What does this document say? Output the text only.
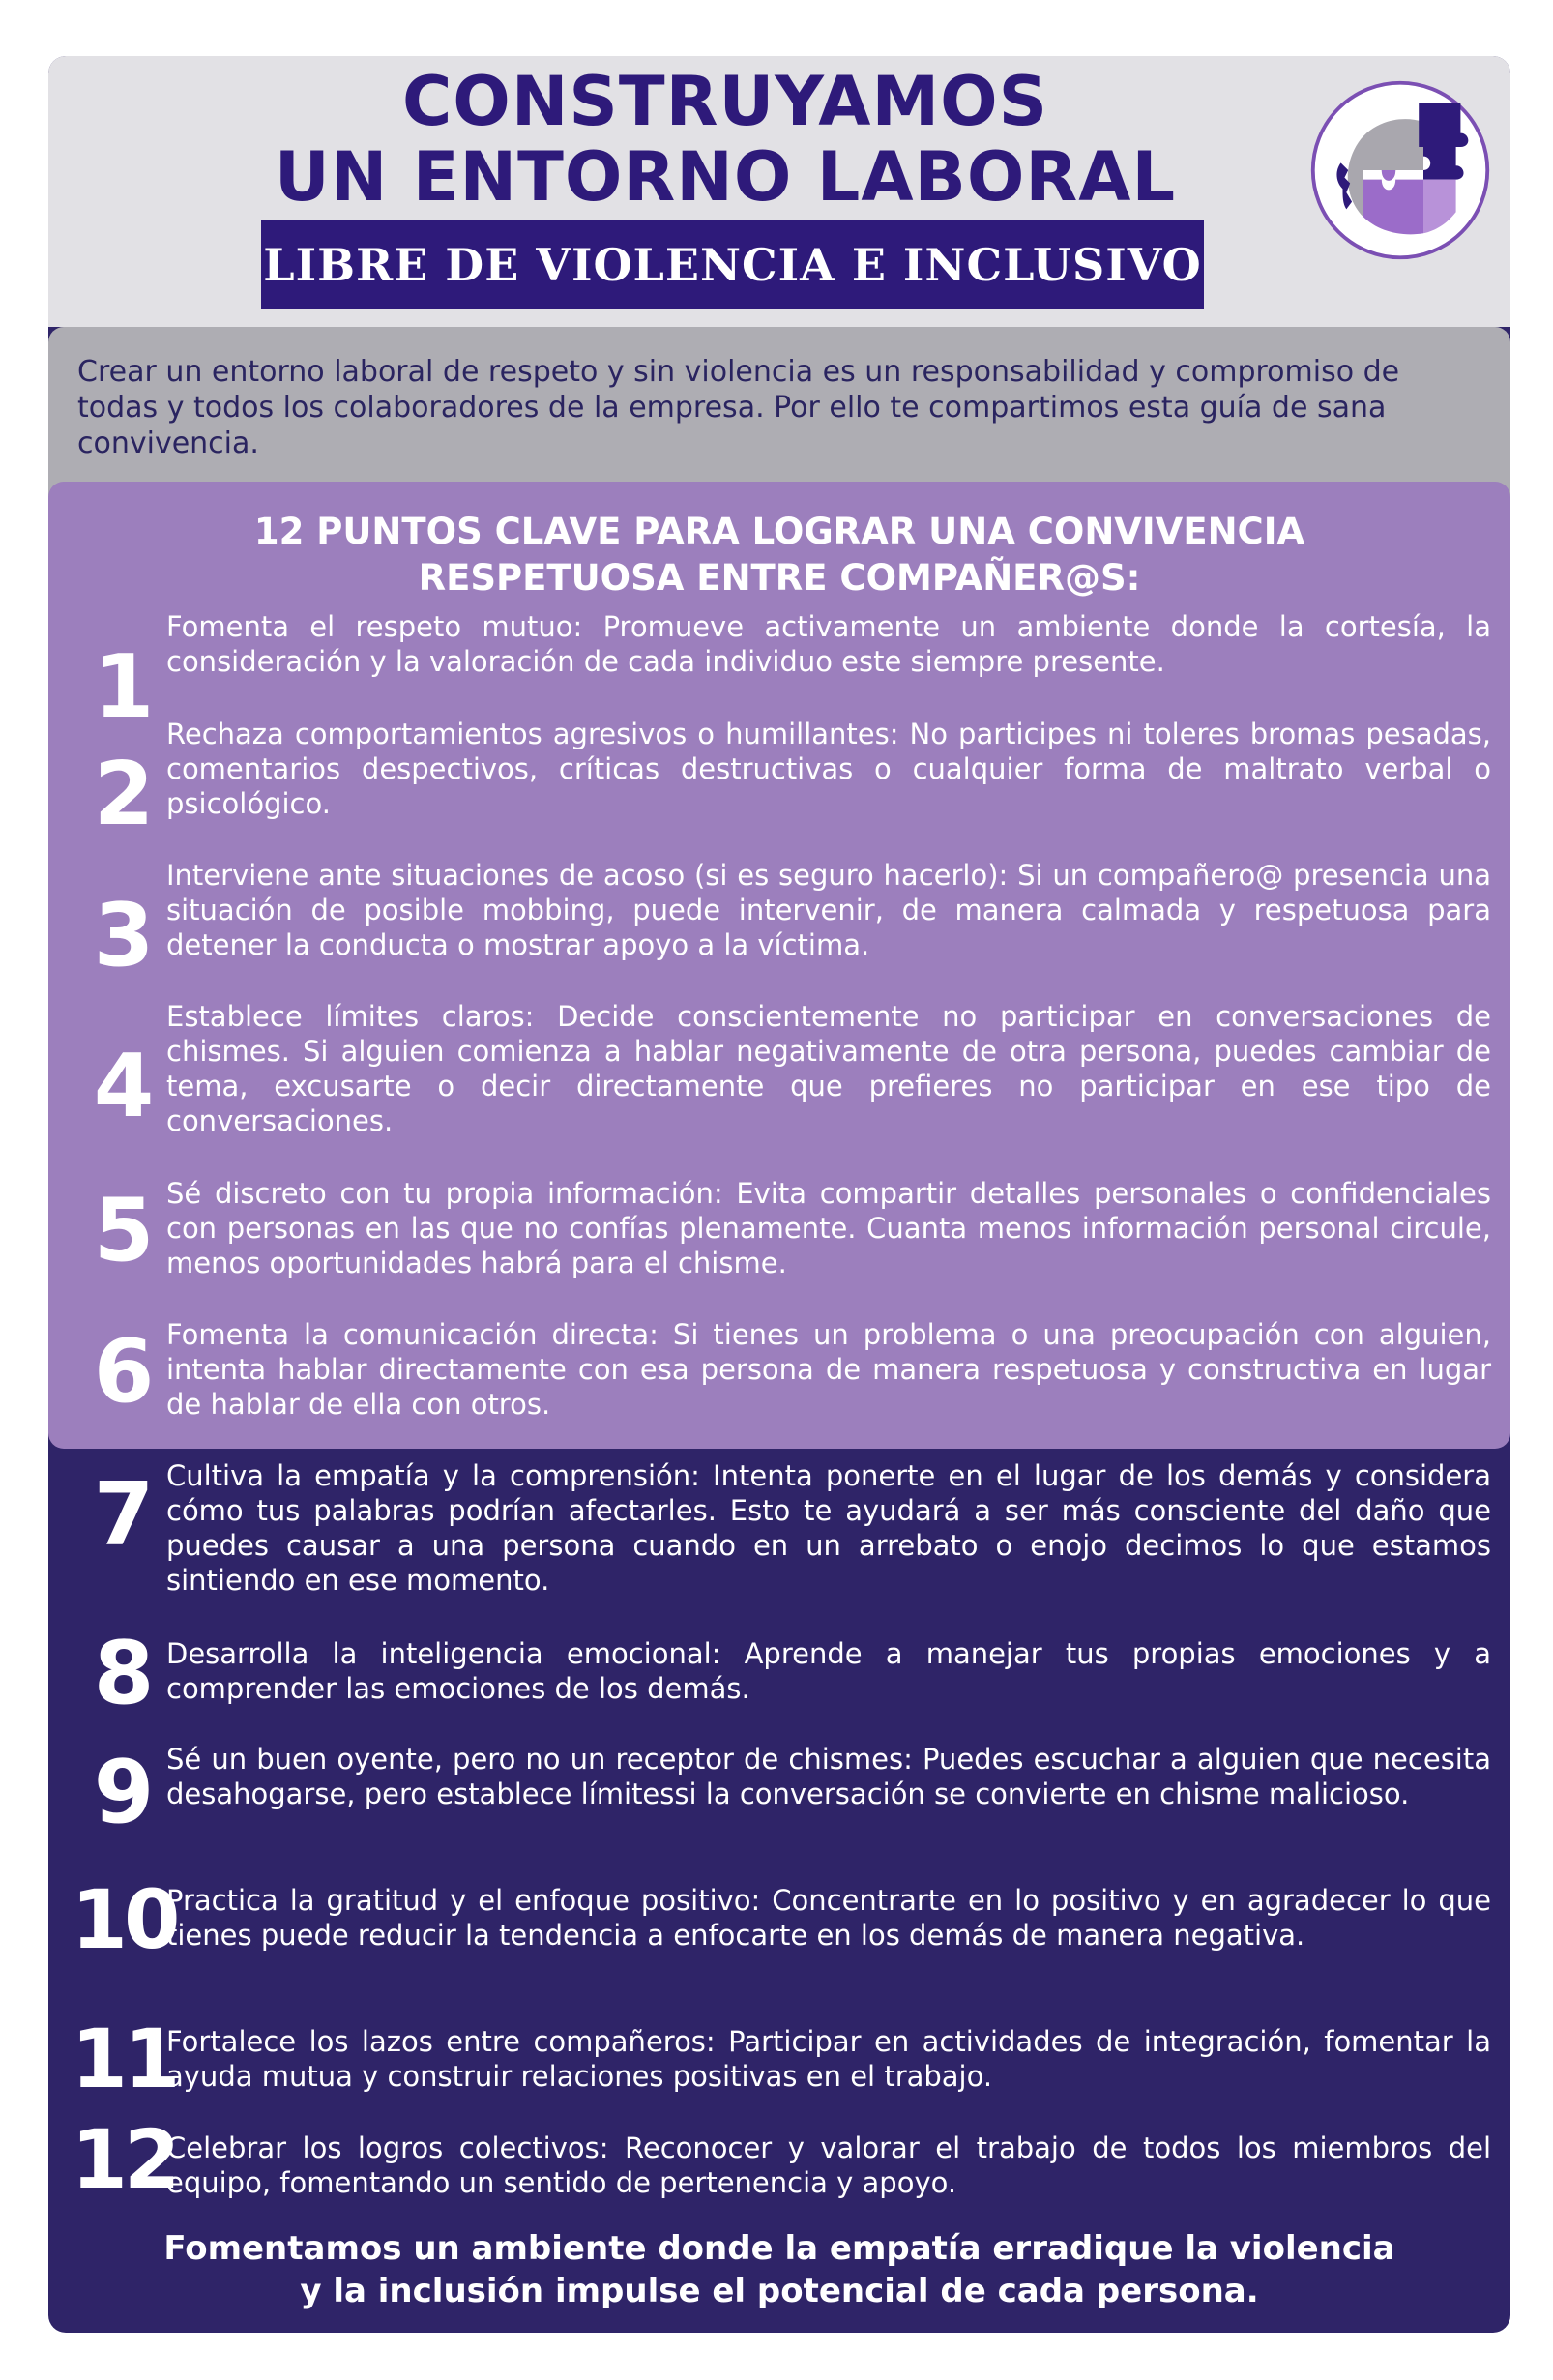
CONSTRUYAMOS
UN ENTORNO LABORAL
LIBRE DE VIOLENCIA E INCLUSIVO

Crear un entorno laboral de respeto y sin violencia es un responsabilidad y compromiso de todas y todos los colaboradores de la empresa. Por ello te compartimos esta guía de sana convivencia.

12 PUNTOS CLAVE PARA LOGRAR UNA CONVIVENCIA
RESPETUOSA ENTRE COMPAÑER@S:
1

Fomenta el respeto mutuo: Promueve activamente un ambiente donde la cortesía, la consideración y la valoración de cada individuo este siempre presente.

2

Rechaza comportamientos agresivos o humillantes: No participes ni toleres bromas pesadas, comentarios despectivos, críticas destructivas o cualquier forma de maltrato verbal o psicológico.

3

Interviene ante situaciones de acoso (si es seguro hacerlo): Si un compañero@ presencia una situación de posible mobbing, puede intervenir, de manera calmada y respetuosa para detener la conducta o mostrar apoyo a la víctima.

4

Establece límites claros: Decide conscientemente no participar en conversaciones de chismes. Si alguien comienza a hablar negativamente de otra persona, puedes cambiar de tema, excusarte o decir directamente que prefieres no participar en ese tipo de conversaciones.

5 Sé discreto con tu propia información: Evita compartir detalles personales o confidenciales con personas en las que no confías plenamente. Cuanta menos información personal circule, menos oportunidades habrá para el chisme.

6 Fomenta la comunicación directa: Si tienes un problema o una preocupación con alguien, intenta hablar directamente con esa persona de manera respetuosa y constructiva en lugar de hablar de ella con otros.

7 Cultiva la empatía y la comprensión: Intenta ponerte en el lugar de los demás y considera cómo tus palabras podrían afectarles. Esto te ayudará a ser más consciente del daño que puedes causar a una persona cuando en un arrebato o enojo decimos lo que estamos sintiendo en ese momento.

8 Desarrolla la inteligencia emocional: Aprende a manejar tus propias emociones y a comprender las emociones de los demás.

9 Sé un buen oyente, pero no un receptor de chismes: Puedes escuchar a alguien que necesita desahogarse, pero establece límitessi la conversación se convierte en chisme malicioso.

10

Practica la gratitud y el enfoque positivo: Concentrarte en lo positivo y en agradecer lo que tienes puede reducir la tendencia a enfocarte en los demás de manera negativa.

11

Fortalece los lazos entre compañeros: Participar en actividades de integración, fomentar la ayuda mutua y construir relaciones positivas en el trabajo.

12

Celebrar los logros colectivos: Reconocer y valorar el trabajo de todos los miembros del equipo, fomentando un sentido de pertenencia y apoyo.

Fomentamos un ambiente donde la empatía erradique la violencia
y la inclusión impulse el potencial de cada persona.
